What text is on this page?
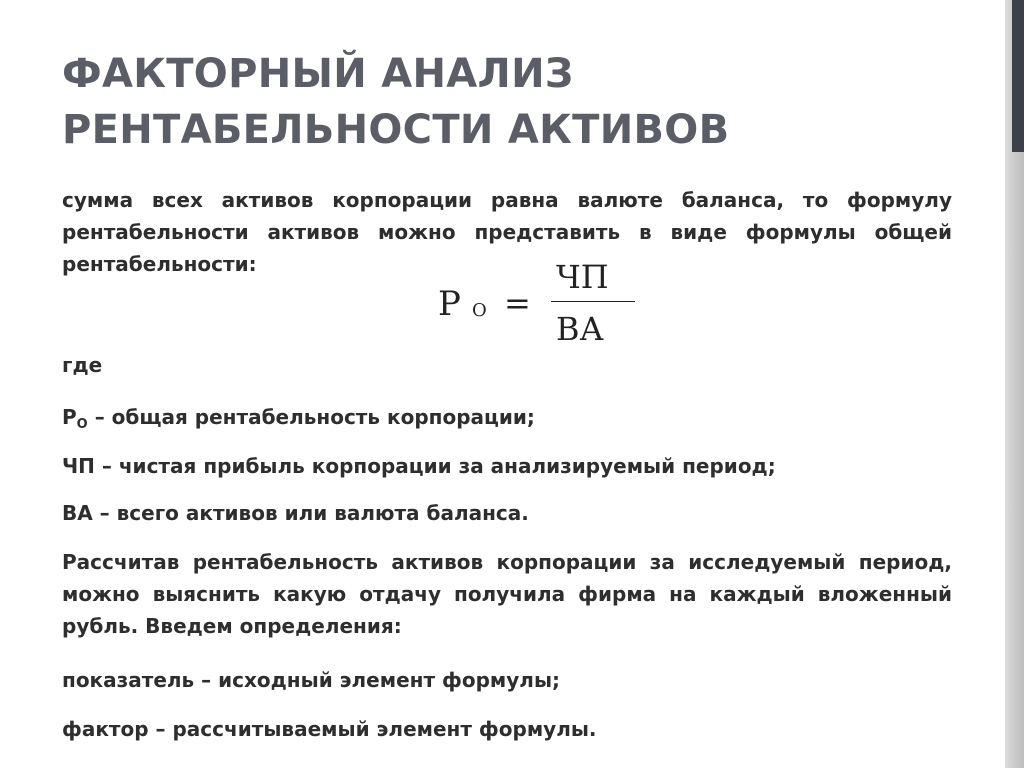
ФАКТОРНЫЙ АНАЛИЗ РЕНТАБЕЛЬНОСТИ АКТИВОВ

сумма всех активов корпорации равна валюте баланса, то формулу рентабельности активов можно представить в виде формулы общей рентабельности:

Р О =
ЧП
ВА

где

$Р_О$ – общая рентабельность корпорации;

ЧП – чистая прибыль корпорации за анализируемый период;

ВА – всего активов или валюта баланса.

Рассчитав рентабельность активов корпорации за исследуемый период, можно выяснить какую отдачу получила фирма на каждый вложенный рубль. Введем определения:

показатель – исходный элемент формулы;

фактор – рассчитываемый элемент формулы.
